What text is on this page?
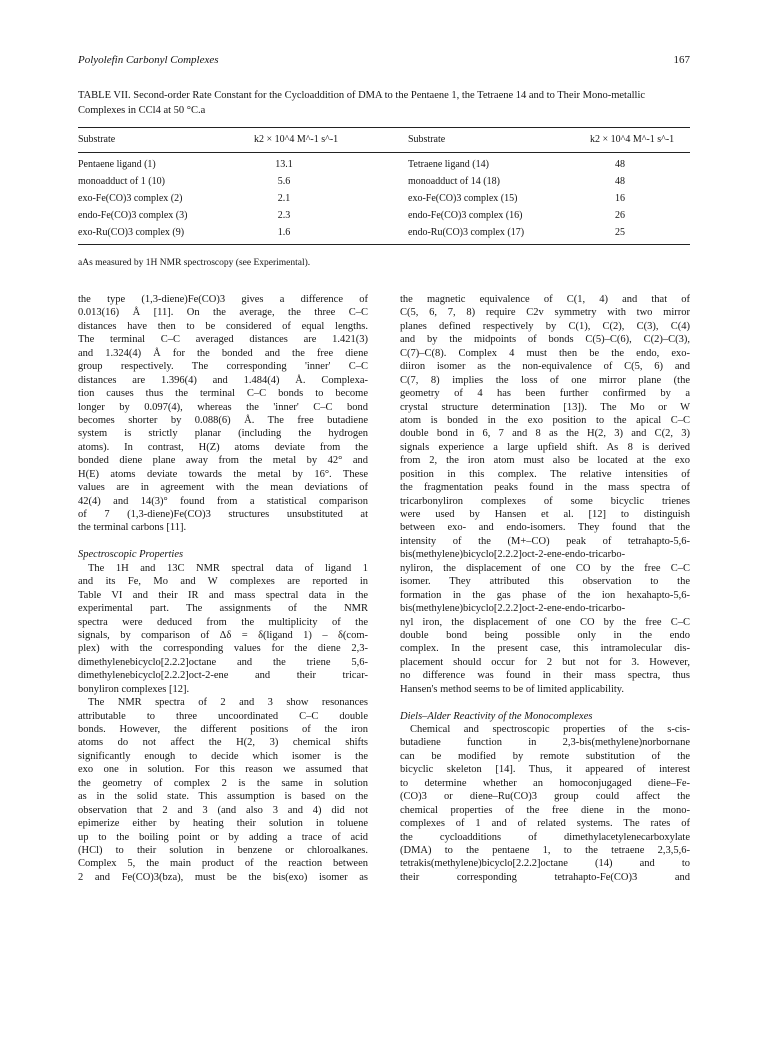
Polyolefin Carbonyl Complexes	167
TABLE VII. Second-order Rate Constant for the Cycloaddition of DMA to the Pentaene 1, the Tetraene 14 and to Their Mono-metallic Complexes in CCl4 at 50 °C.a
Substrate	k2 × 10^4 M^-1 s^-1	Substrate	k2 × 10^4 M^-1 s^-1
Pentaene ligand (1)	13.1	Tetraene ligand (14)	48
monoadduct of 1 (10)	5.6	monoadduct of 14 (18)	48
exo-Fe(CO)3 complex (2)	2.1	exo-Fe(CO)3 complex (15)	16
endo-Fe(CO)3 complex (3)	2.3	endo-Fe(CO)3 complex (16)	26
exo-Ru(CO)3 complex (9)	1.6	endo-Ru(CO)3 complex (17)	25
aAs measured by 1H NMR spectroscopy (see Experimental).
the type (1,3-diene)Fe(CO)3 gives a difference of
0.013(16) Å [11]. On the average, the three C–C
distances have then to be considered of equal lengths.
The terminal C–C averaged distances are 1.421(3)
and 1.324(4) Å for the bonded and the free diene
group respectively. The corresponding 'inner' C–C
distances are 1.396(4) and 1.484(4) Å. Complexa-
tion causes thus the terminal C–C bonds to become
longer by 0.097(4), whereas the 'inner' C–C bond
becomes shorter by 0.088(6) Å. The free butadiene
system is strictly planar (including the hydrogen
atoms). In contrast, H(Z) atoms deviate from the
bonded diene plane away from the metal by 42° and
H(E) atoms deviate towards the metal by 16°. These
values are in agreement with the mean deviations of
42(4) and 14(3)° found from a statistical comparison
of 7 (1,3-diene)Fe(CO)3 structures unsubstituted at
the terminal carbons [11].
Spectroscopic Properties
The 1H and 13C NMR spectral data of ligand 1
and its Fe, Mo and W complexes are reported in
Table VI and their IR and mass spectral data in the
experimental part. The assignments of the NMR
spectra were deduced from the multiplicity of the
signals, by comparison of Δδ = δ(ligand 1) – δ(com-
plex) with the corresponding values for the diene 2,3-
dimethylenebicyclo[2.2.2]octane and the triene 5,6-
dimethylenebicyclo[2.2.2]oct-2-ene and their tricar-
bonyliron complexes [12].
The NMR spectra of 2 and 3 show resonances
attributable to three uncoordinated C–C double
bonds. However, the different positions of the iron
atoms do not affect the H(2, 3) chemical shifts
significantly enough to decide which isomer is the
exo one in solution. For this reason we assumed that
the geometry of complex 2 is the same in solution
as in the solid state. This assumption is based on the
observation that 2 and 3 (and also 3 and 4) did not
epimerize either by heating their solution in toluene
up to the boiling point or by adding a trace of acid
(HCl) to their solution in benzene or chloroalkanes.
Complex 5, the main product of the reaction between
2 and Fe(CO)3(bza), must be the bis(exo) isomer as
the magnetic equivalence of C(1, 4) and that of
C(5, 6, 7, 8) require C2v symmetry with two mirror
planes defined respectively by C(1), C(2), C(3), C(4)
and by the midpoints of bonds C(5)–C(6), C(2)–C(3),
C(7)–C(8). Complex 4 must then be the endo, exo-
diiron isomer as the non-equivalence of C(5, 6) and
C(7, 8) implies the loss of one mirror plane (the
geometry of 4 has been further confirmed by a
crystal structure determination [13]). The Mo or W
atom is bonded in the exo position to the apical C–C
double bond in 6, 7 and 8 as the H(2, 3) and C(2, 3)
signals experience a large upfield shift. As 8 is derived
from 2, the iron atom must also be located at the exo
position in this complex. The relative intensities of
the fragmentation peaks found in the mass spectra of
tricarbonyliron complexes of some bicyclic trienes
were used by Hansen et al. [12] to distinguish
between exo- and endo-isomers. They found that the
intensity of the (M+–CO) peak of tetrahapto-5,6-
bis(methylene)bicyclo[2.2.2]oct-2-ene-endo-tricarbo-
nyliron, the displacement of one CO by the free C–C
isomer. They attributed this observation to the
formation in the gas phase of the ion hexahapto-5,6-
bis(methylene)bicyclo[2.2.2]oct-2-ene-endo-tricarbo-
nyl iron, the displacement of one CO by the free C–C
double bond being possible only in the endo
complex. In the present case, this intramolecular dis-
placement should occur for 2 but not for 3. However,
no difference was found in their mass spectra, thus
Hansen's method seems to be of limited applicability.
Diels–Alder Reactivity of the Monocomplexes
Chemical and spectroscopic properties of the s-cis-
butadiene function in 2,3-bis(methylene)norbornane
can be modified by remote substitution of the
bicyclic skeleton [14]. Thus, it appeared of interest
to determine whether an homoconjugaged diene–Fe-
(CO)3 or diene–Ru(CO)3 group could affect the
chemical properties of the free diene in the mono-
complexes of 1 and of related systems. The rates of
the cycloadditions of dimethylacetylenecarboxylate
(DMA) to the pentaene 1, to the tetraene 2,3,5,6-
tetrakis(methylene)bicyclo[2.2.2]octane (14) and to
their corresponding tetrahapto-Fe(CO)3 and
